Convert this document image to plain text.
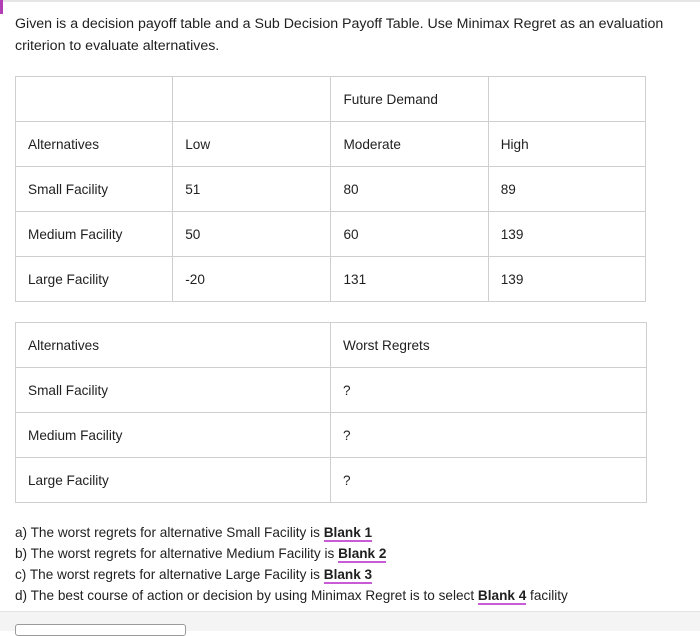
Given is a decision payoff table and a Sub Decision Payoff Table. Use Minimax Regret as an evaluation criterion to evaluate alternatives.
		Future Demand	
Alternatives	Low	Moderate	High
Small Facility	51	80	89
Medium Facility	50	60	139
Large Facility	-20	131	139
Alternatives	Worst Regrets
Small Facility	?
Medium Facility	?
Large Facility	?
a) The worst regrets for alternative Small Facility is Blank 1
b) The worst regrets for alternative Medium Facility is Blank 2
c) The worst regrets for alternative Large Facility is Blank 3
d) The best course of action or decision by using Minimax Regret is to select Blank 4 facility
